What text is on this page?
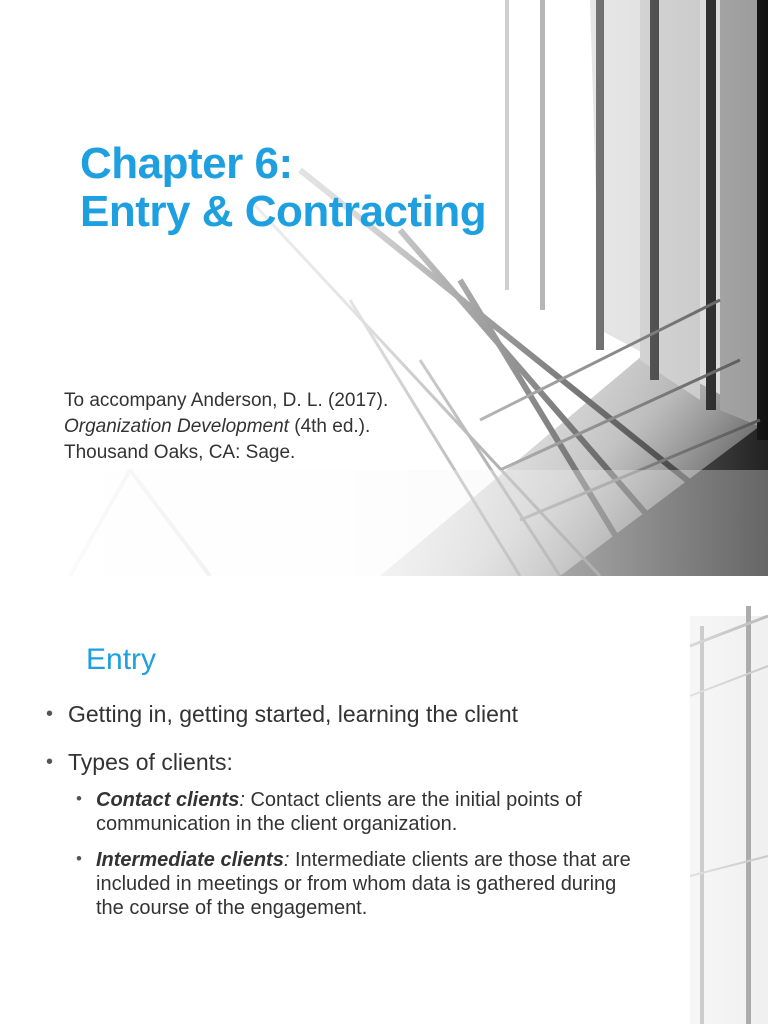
Chapter 6:
Entry & Contracting

To accompany Anderson, D. L. (2017).
Organization Development (4th ed.).
Thousand Oaks, CA: Sage.

Entry
• Getting in, getting started, learning the client
• Types of clients:
• Contact clients: Contact clients are the initial points of communication in the client organization.
• Intermediate clients: Intermediate clients are those that are included in meetings or from whom data is gathered during the course of the engagement.
